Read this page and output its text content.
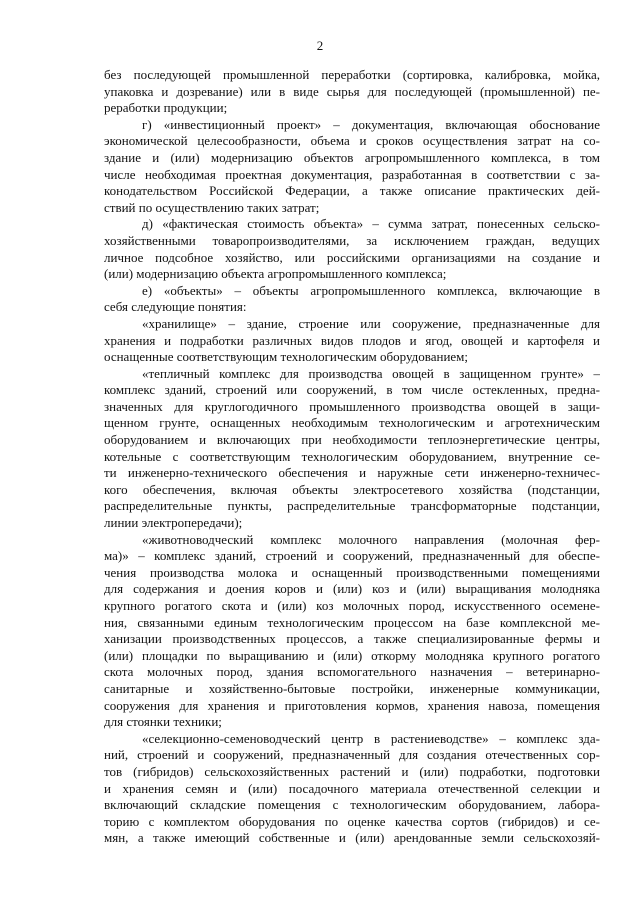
2
без последующей промышленной переработки (сортировка, калибровка, мойка,
упаковка и дозревание) или в виде сырья для последующей (промышленной) пе-
реработки продукции;
г) «инвестиционный проект» – документация, включающая обоснование
экономической целесообразности, объема и сроков осуществления затрат на со-
здание и (или) модернизацию объектов агропромышленного комплекса, в том
числе необходимая проектная документация, разработанная в соответствии с за-
конодательством Российской Федерации, а также описание практических дей-
ствий по осуществлению таких затрат;
д) «фактическая стоимость объекта» – сумма затрат, понесенных сельско-
хозяйственными товаропроизводителями, за исключением граждан, ведущих
личное подсобное хозяйство, или российскими организациями на создание и
(или) модернизацию объекта агропромышленного комплекса;
е) «объекты» – объекты агропромышленного комплекса, включающие в
себя следующие понятия:
«хранилище» – здание, строение или сооружение, предназначенные для
хранения и подработки различных видов плодов и ягод, овощей и картофеля и
оснащенные соответствующим технологическим оборудованием;
«тепличный комплекс для производства овощей в защищенном грунте» –
комплекс зданий, строений или сооружений, в том числе остекленных, предна-
значенных для круглогодичного промышленного производства овощей в защи-
щенном грунте, оснащенных необходимым технологическим и агротехническим
оборудованием и включающих при необходимости теплоэнергетические центры,
котельные с соответствующим технологическим оборудованием, внутренние се-
ти инженерно-технического обеспечения и наружные сети инженерно-техничес-
кого обеспечения, включая объекты электросетевого хозяйства (подстанции,
распределительные пункты, распределительные трансформаторные подстанции,
линии электропередачи);
«животноводческий комплекс молочного направления (молочная фер-
ма)» – комплекс зданий, строений и сооружений, предназначенный для обеспе-
чения производства молока и оснащенный производственными помещениями
для содержания и доения коров и (или) коз и (или) выращивания молодняка
крупного рогатого скота и (или) коз молочных пород, искусственного осемене-
ния, связанными единым технологическим процессом на базе комплексной ме-
ханизации производственных процессов, а также специализированные фермы и
(или) площадки по выращиванию и (или) откорму молодняка крупного рогатого
скота молочных пород, здания вспомогательного назначения – ветеринарно-
санитарные и хозяйственно-бытовые постройки, инженерные коммуникации,
сооружения для хранения и приготовления кормов, хранения навоза, помещения
для стоянки техники;
«селекционно-семеноводческий центр в растениеводстве» – комплекс зда-
ний, строений и сооружений, предназначенный для создания отечественных сор-
тов (гибридов) сельскохозяйственных растений и (или) подработки, подготовки
и хранения семян и (или) посадочного материала отечественной селекции и
включающий складские помещения с технологическим оборудованием, лабора-
торию с комплектом оборудования по оценке качества сортов (гибридов) и се-
мян, а также имеющий собственные и (или) арендованные земли сельскохозяй-
